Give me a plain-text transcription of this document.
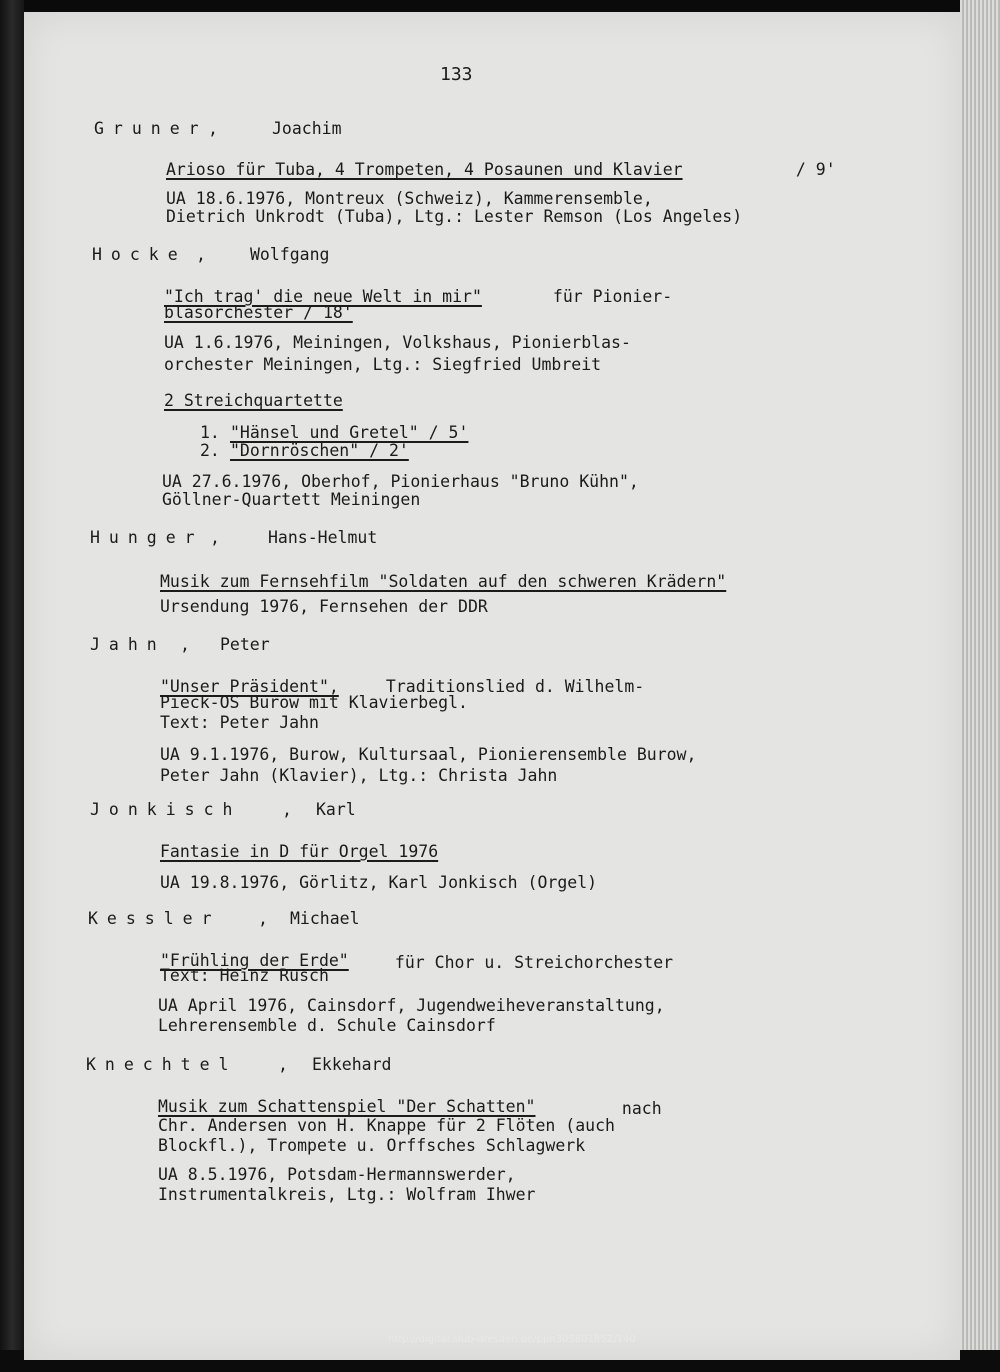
133
Gruner ,	Joachim
Arioso für Tuba, 4 Trompeten, 4 Posaunen und Klavier	/ 9'
UA 18.6.1976, Montreux (Schweiz), Kammerensemble,
Dietrich Unkrodt (Tuba), Ltg.: Lester Remson (Los Angeles)
Hocke ,	Wolfgang
"Ich trag' die neue Welt in mir"	für Pionier-
blasorchester / 18'
UA 1.6.1976, Meiningen, Volkshaus, Pionierblas-
orchester Meiningen, Ltg.: Siegfried Umbreit
2 Streichquartette
1. "Hänsel und Gretel" / 5'
2. "Dornröschen" / 2'
UA 27.6.1976, Oberhof, Pionierhaus "Bruno Kühn",
Göllner-Quartett Meiningen
Hunger ,	Hans-Helmut
Musik zum Fernsehfilm "Soldaten auf den schweren Krädern"
Ursendung 1976, Fernsehen der DDR
Jahn , Peter
"Unser Präsident", Traditionslied d. Wilhelm-
Pieck-OS Burow mit Klavierbegl.
Text: Peter Jahn
UA 9.1.1976, Burow, Kultursaal, Pionierensemble Burow,
Peter Jahn (Klavier), Ltg.: Christa Jahn
Jonkisch , Karl
Fantasie in D für Orgel 1976
UA 19.8.1976, Görlitz, Karl Jonkisch (Orgel)
Kessler , Michael
"Frühling der Erde" für Chor u. Streichorchester
Text: Heinz Rusch
UA April 1976, Cainsdorf, Jugendweiheveranstaltung,
Lehrerensemble d. Schule Cainsdorf
Knechtel , Ekkehard
Musik zum Schattenspiel "Der Schatten"	nach
Chr. Andersen von H. Knappe für 2 Flöten (auch
Blockfl.), Trompete u. Orffsches Schlagwerk
UA 8.5.1976, Potsdam-Hermannswerder,
Instrumentalkreis, Ltg.: Wolfram Ihwer
http://digital.slub-dresden.de/ppn30580185Z/140
